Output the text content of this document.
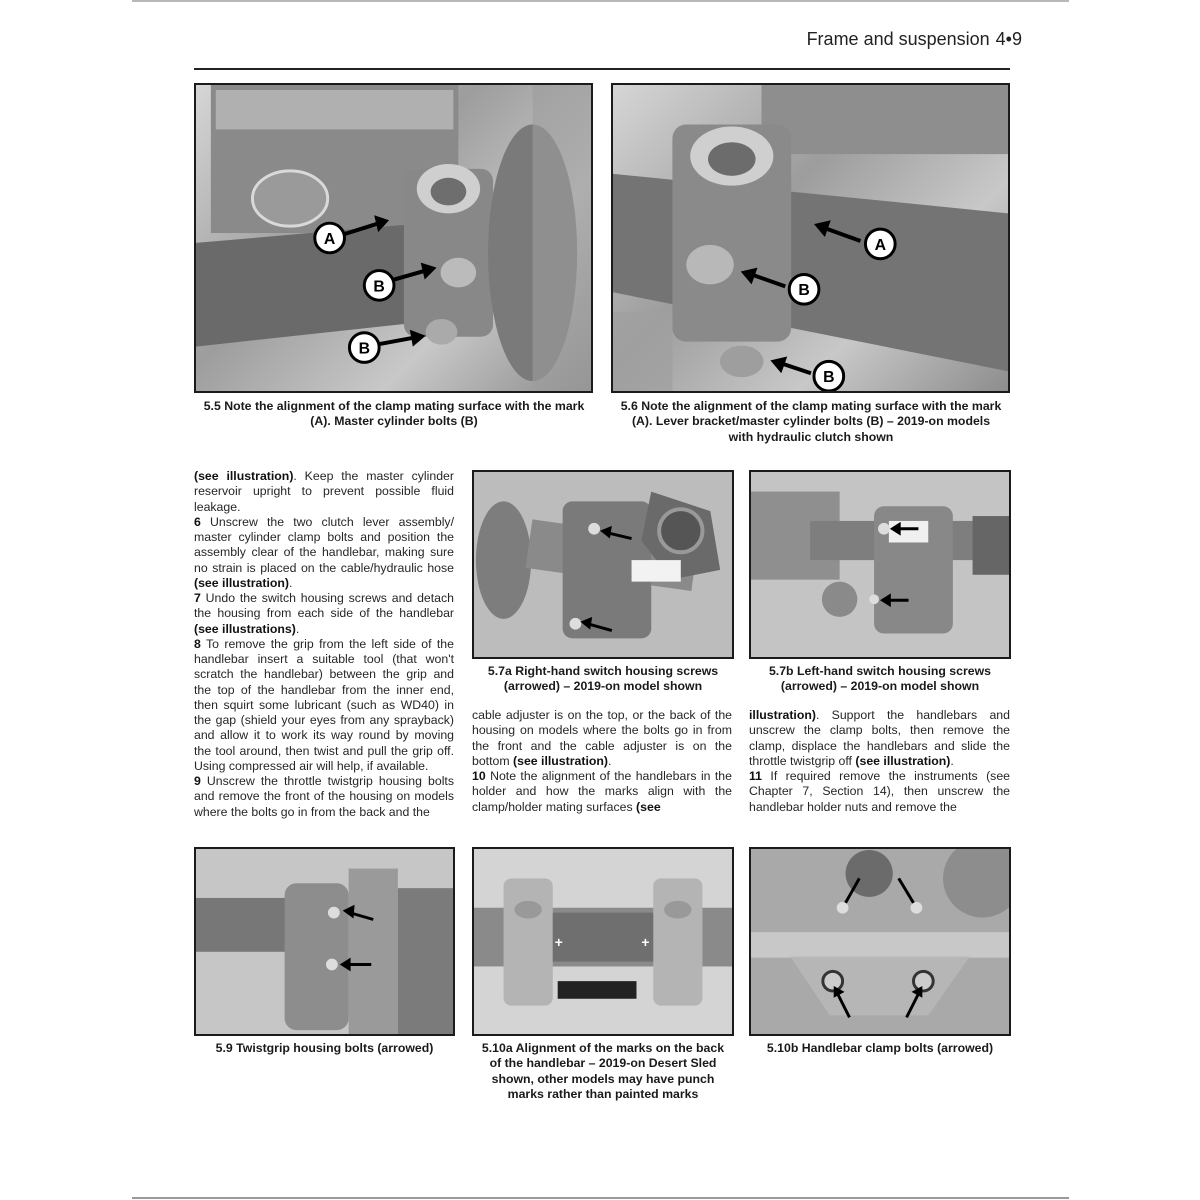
Frame and suspension 4•9
A
B
B
5.5 Note the alignment of the clamp mating surface with the mark (A). Master cylinder bolts (B)
A
B
B
5.6 Note the alignment of the clamp mating surface with the mark (A). Lever bracket/master cylinder bolts (B) – 2019-on models with hydraulic clutch shown

(see illustration). Keep the master cylinder reservoir upright to prevent possible fluid leakage.

6 Unscrew the two clutch lever assembly/ master cylinder clamp bolts and position the assembly clear of the handlebar, making sure no strain is placed on the cable/hydraulic hose (see illustration).

7 Undo the switch housing screws and detach the housing from each side of the handlebar (see illustrations).

8 To remove the grip from the left side of the handlebar insert a suitable tool (that won't scratch the handlebar) between the grip and the top of the handlebar from the inner end, then squirt some lubricant (such as WD40) in the gap (shield your eyes from any sprayback) and allow it to work its way round by moving the tool around, then twist and pull the grip off. Using compressed air will help, if available.

9 Unscrew the throttle twistgrip housing bolts and remove the front of the housing on models where the bolts go in from the back and the

5.7a Right-hand switch housing screws (arrowed) – 2019-on model shown
5.7b Left-hand switch housing screws (arrowed) – 2019-on model shown

cable adjuster is on the top, or the back of the housing on models where the bolts go in from the front and the cable adjuster is on the bottom (see illustration).

10 Note the alignment of the handlebars in the holder and how the marks align with the clamp/holder mating surfaces (see

illustration). Support the handlebars and unscrew the clamp bolts, then remove the clamp, displace the handlebars and slide the throttle twistgrip off (see illustration).

11 If required remove the instruments (see Chapter 7, Section 14), then unscrew the handlebar holder nuts and remove the

5.9 Twistgrip housing bolts (arrowed)
+	+
5.10a Alignment of the marks on the back of the handlebar – 2019-on Desert Sled shown, other models may have punch marks rather than painted marks
5.10b Handlebar clamp bolts (arrowed)
